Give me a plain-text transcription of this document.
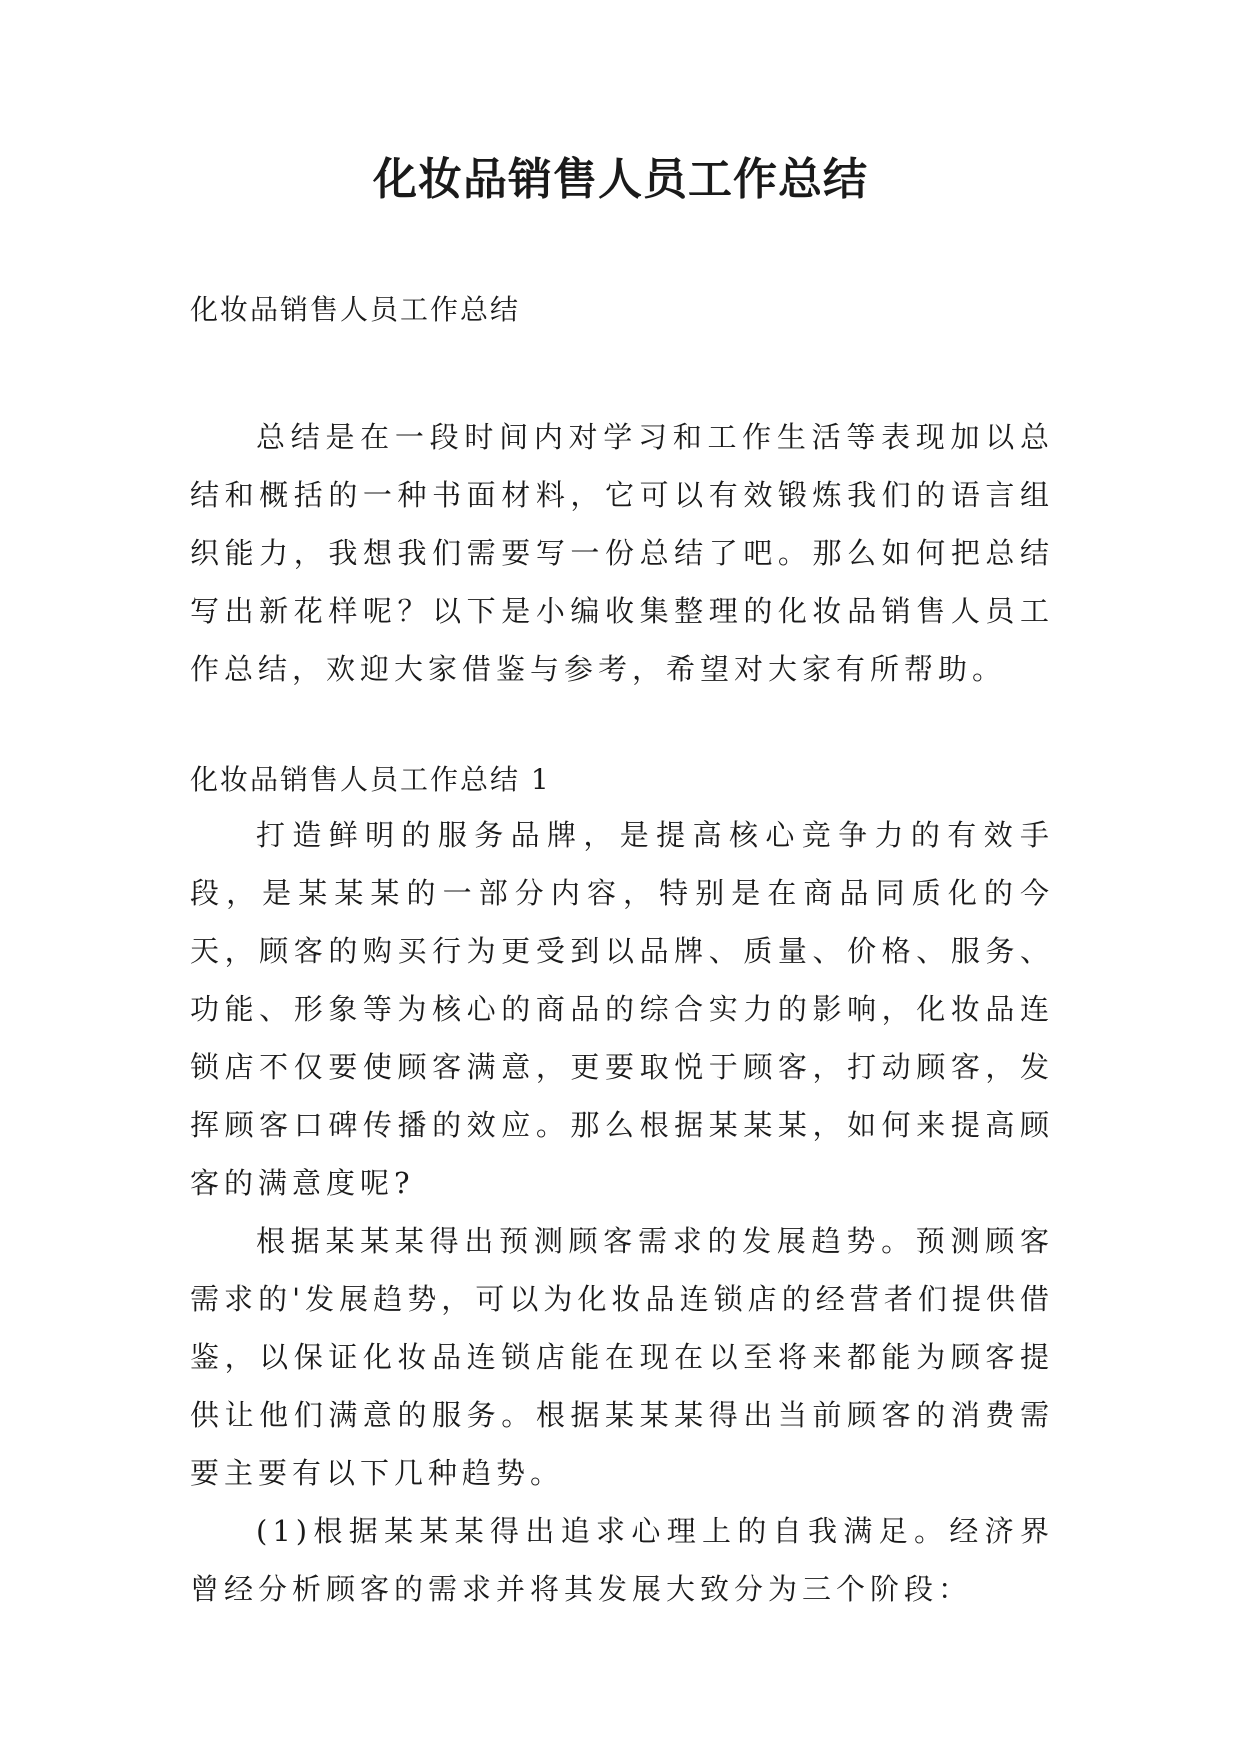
化妆品销售人员工作总结

化妆品销售人员工作总结

总结是在一段时间内对学习和工作生活等表现加以总结和概括的一种书面材料，它可以有效锻炼我们的语言组织能力，我想我们需要写一份总结了吧。那么如何把总结写出新花样呢？以下是小编收集整理的化妆品销售人员工作总结，欢迎大家借鉴与参考，希望对大家有所帮助。

化妆品销售人员工作总结 1

打造鲜明的服务品牌，是提高核心竞争力的有效手段，是某某某的一部分内容，特别是在商品同质化的今天，顾客的购买行为更受到以品牌、质量、价格、服务、功能、形象等为核心的商品的综合实力的影响，化妆品连锁店不仅要使顾客满意，更要取悦于顾客，打动顾客，发挥顾客口碑传播的效应。那么根据某某某，如何来提高顾客的满意度呢?

根据某某某得出预测顾客需求的发展趋势。预测顾客需求的'发展趋势，可以为化妆品连锁店的经营者们提供借鉴，以保证化妆品连锁店能在现在以至将来都能为顾客提供让他们满意的服务。根据某某某得出当前顾客的消费需要主要有以下几种趋势。

(1)根据某某某得出追求心理上的自我满足。经济界曾经分析顾客的需求并将其发展大致分为三个阶段：
